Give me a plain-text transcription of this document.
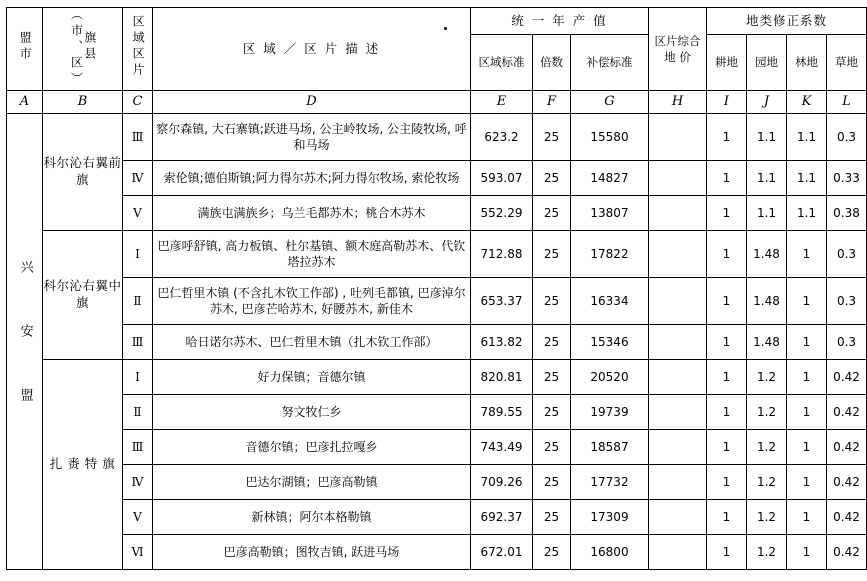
盟市	旗县（市、区）	区域区片	区 域 ／ 区 片 描 述	统 一 年 产 值			区片综合地 价	地类修正系数			
				区域标准	倍数	补偿标准		耕地	园地	林地	草地

A	B	C	D	E	F	G	H	I	J	K	L
兴 安 盟	科尔沁右翼前旗	Ⅲ	察尔森镇, 大石寨镇;跃进马场, 公主岭牧场, 公主陵牧场, 呼和马场	623.2	25	15580		1	1.1	1.1	0.3
		Ⅳ	索伦镇;德伯斯镇;阿力得尔苏木;阿力得尔牧场, 索伦牧场	593.07	25	14827		1	1.1	1.1	0.33
		Ⅴ	满族屯满族乡；乌兰毛都苏木；桃合木苏木	552.29	25	13807		1	1.1	1.1	0.38
	科尔沁右翼中旗	Ⅰ	巴彦呼舒镇, 高力板镇、杜尔基镇、额木庭高勒苏木、代钦塔拉苏木	712.88	25	17822		1	1.48	1	0.3
		Ⅱ	巴仁哲里木镇 (不含扎木钦工作部) , 吐列毛都镇, 巴彦淖尔苏木, 巴彦芒哈苏木, 好腰苏木, 新佳木	653.37	25	16334		1	1.48	1	0.3
		Ⅲ	哈日诺尔苏木、巴仁哲里木镇（扎木钦工作部）	613.82	25	15346		1	1.48	1	0.3
	扎 赉 特 旗	Ⅰ	好力保镇；音德尔镇	820.81	25	20520		1	1.2	1	0.42
		Ⅱ	努文牧仁乡	789.55	25	19739		1	1.2	1	0.42
		Ⅲ	音德尔镇；巴彦扎拉嘎乡	743.49	25	18587		1	1.2	1	0.42
		Ⅳ	巴达尔湖镇；巴彦高勒镇	709.26	25	17732		1	1.2	1	0.42
		Ⅴ	新林镇；阿尔本格勒镇	692.37	25	17309		1	1.2	1	0.42
		Ⅵ	巴彦高勒镇；图牧吉镇, 跃进马场	672.01	25	16800		1	1.2	1	0.42
